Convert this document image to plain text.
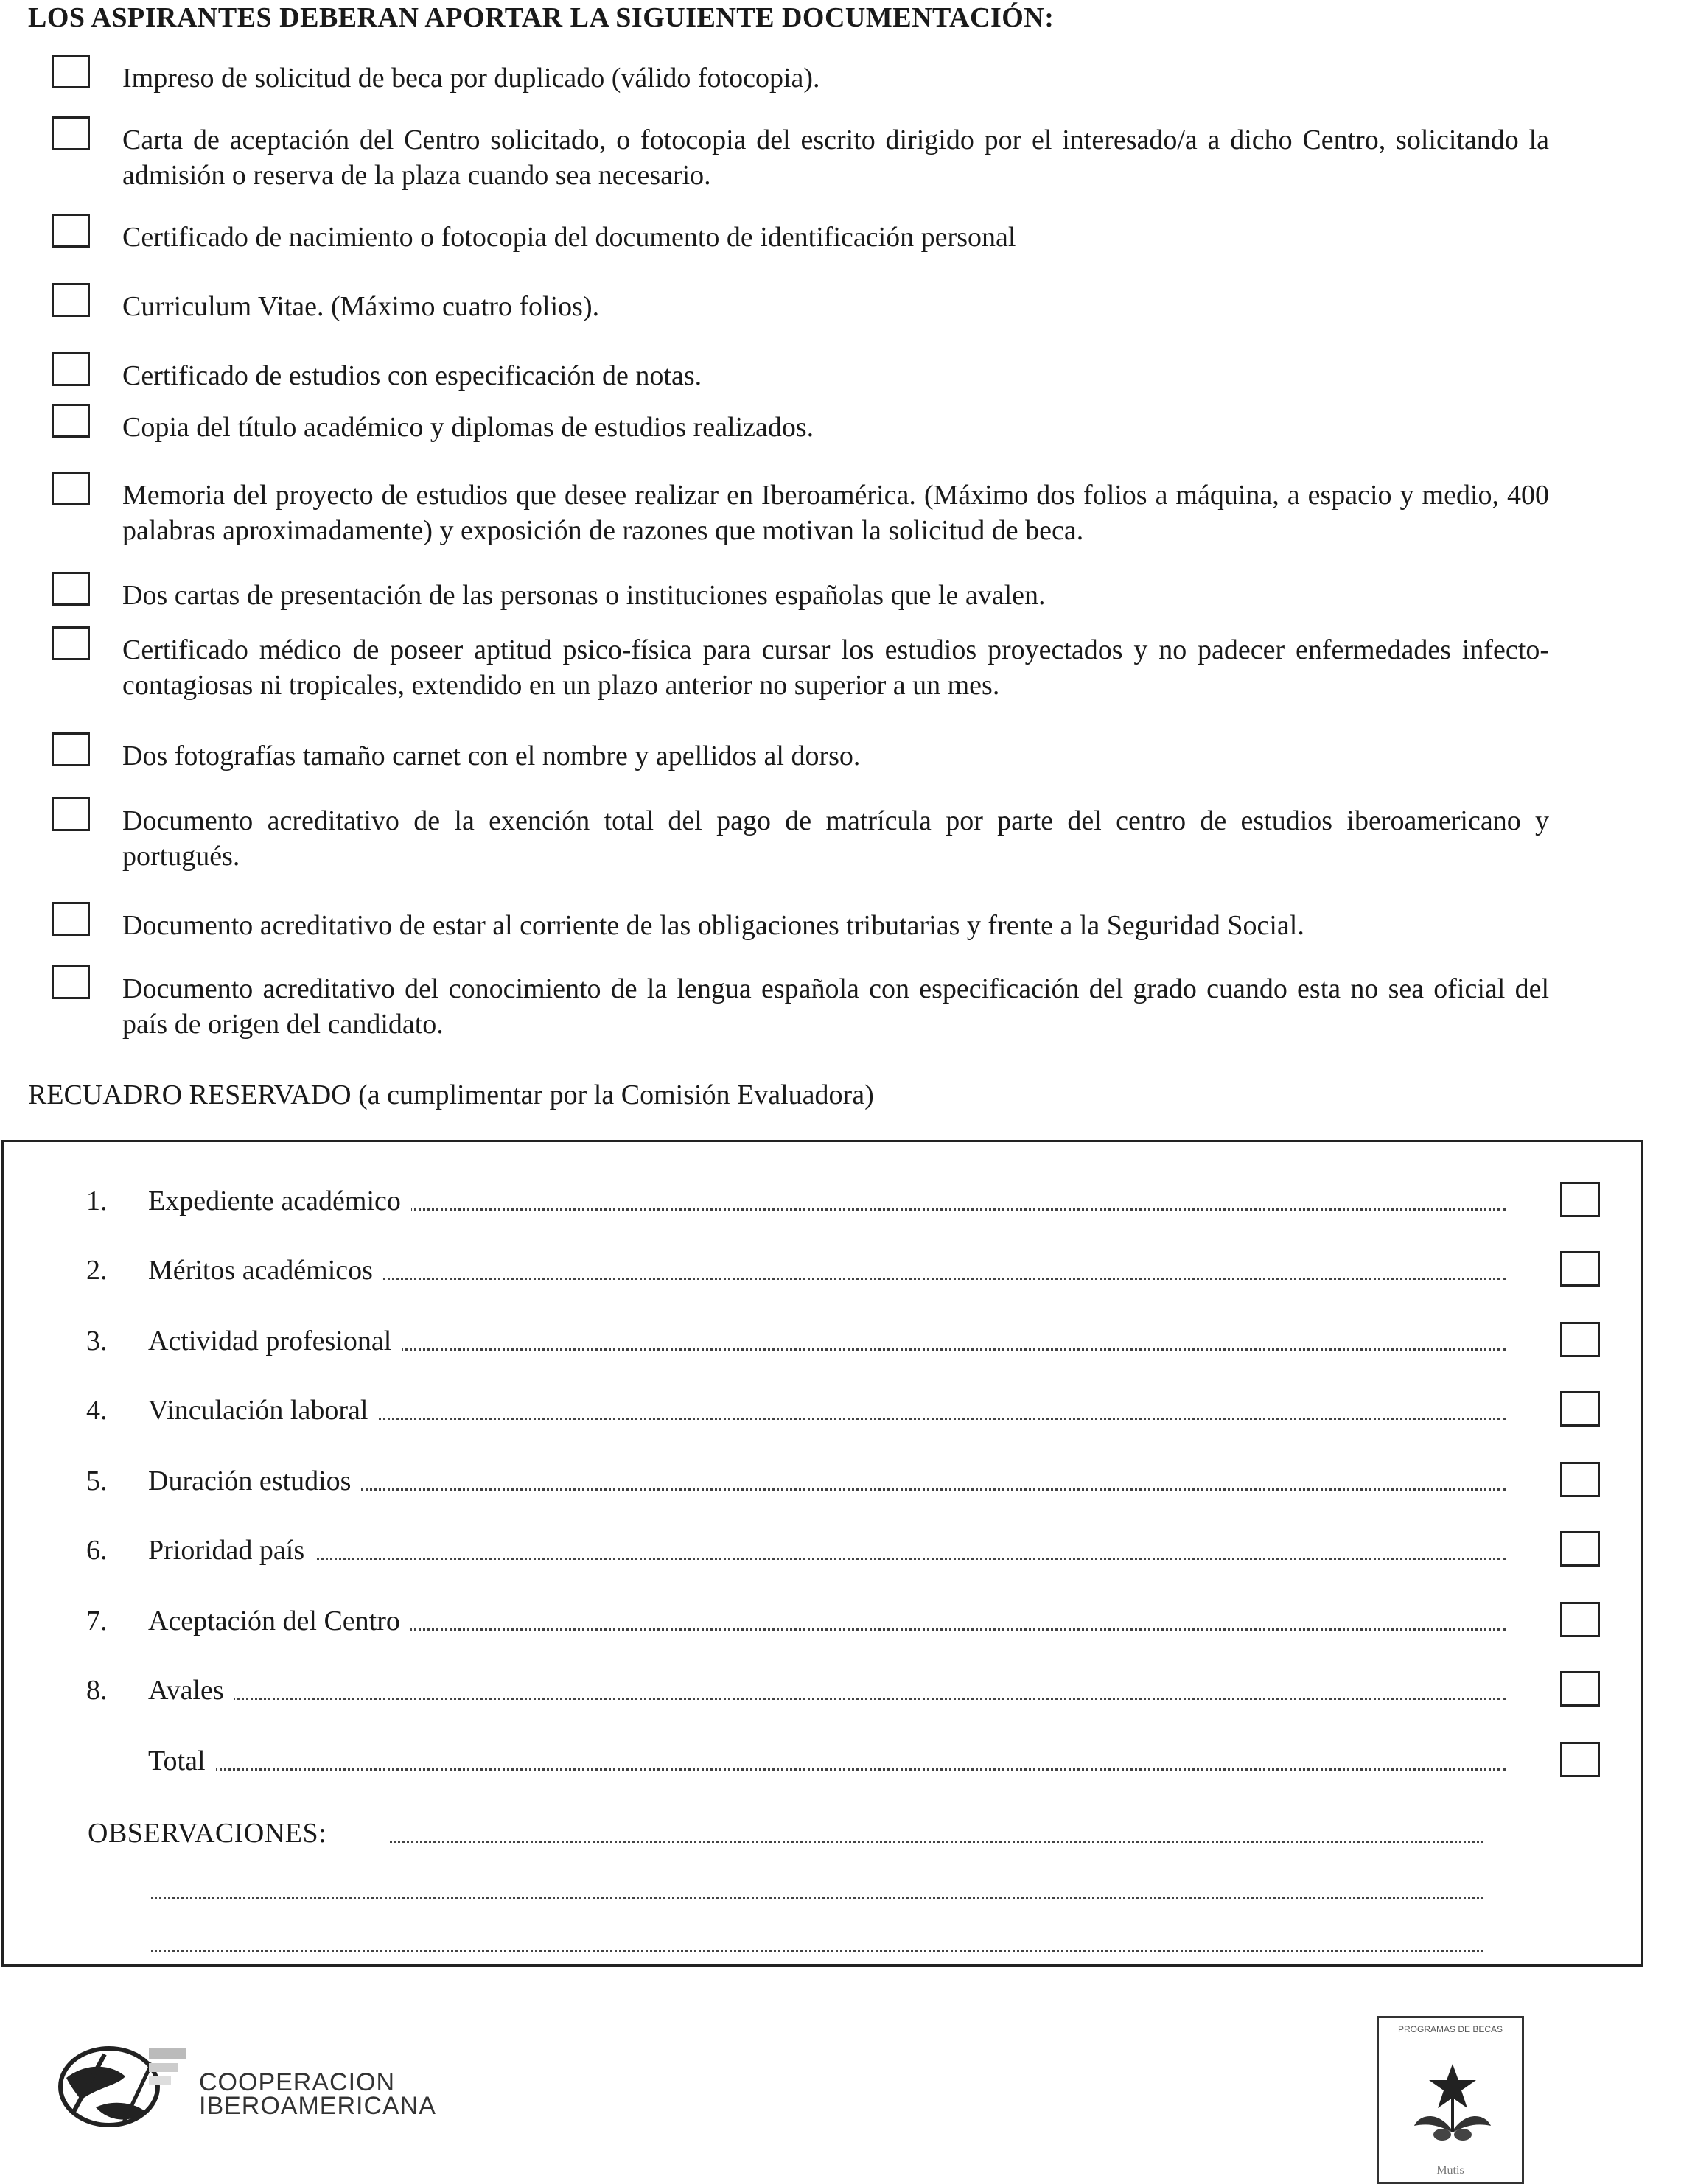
LOS ASPIRANTES DEBERAN APORTAR LA SIGUIENTE DOCUMENTACIÓN:
Impreso de solicitud de beca por duplicado (válido fotocopia).
Carta de aceptación del Centro solicitado, o fotocopia del escrito dirigido por el interesado/a a dicho Centro, solicitando la admisión o reserva de la plaza cuando sea necesario.
Certificado de nacimiento o fotocopia del documento de identificación personal
Curriculum Vitae. (Máximo cuatro folios).
Certificado de estudios con especificación de notas.
Copia del título académico y diplomas de estudios realizados.
Memoria del proyecto de estudios que desee realizar en Iberoamérica. (Máximo dos folios a máquina, a espacio y medio, 400 palabras aproximadamente) y exposición de razones que motivan la solicitud de beca.
Dos cartas de presentación de las personas o instituciones españolas que le avalen.
Certificado médico de poseer aptitud psico-física para cursar los estudios proyectados y no padecer enfermedades infecto-contagiosas ni tropicales, extendido en un plazo anterior no superior a un mes.
Dos fotografías tamaño carnet con el nombre y apellidos al dorso.
Documento acreditativo de la exención total del pago de matrícula por parte del centro de estudios iberoamericano y portugués.
Documento acreditativo de estar al corriente de las obligaciones tributarias y frente a la Seguridad Social.
Documento acreditativo del conocimiento de la lengua española con especificación del grado cuando esta no sea oficial del país de origen del candidato.
RECUADRO RESERVADO (a cumplimentar por la Comisión Evaluadora)
1. Expediente académico
2. Méritos académicos
3. Actividad profesional
4. Vinculación laboral
5. Duración estudios
6. Prioridad país
7. Aceptación del Centro
8. Avales
Total
OBSERVACIONES:
COOPERACION
IBEROAMERICANA
PROGRAMAS DE BECAS
Mutis
